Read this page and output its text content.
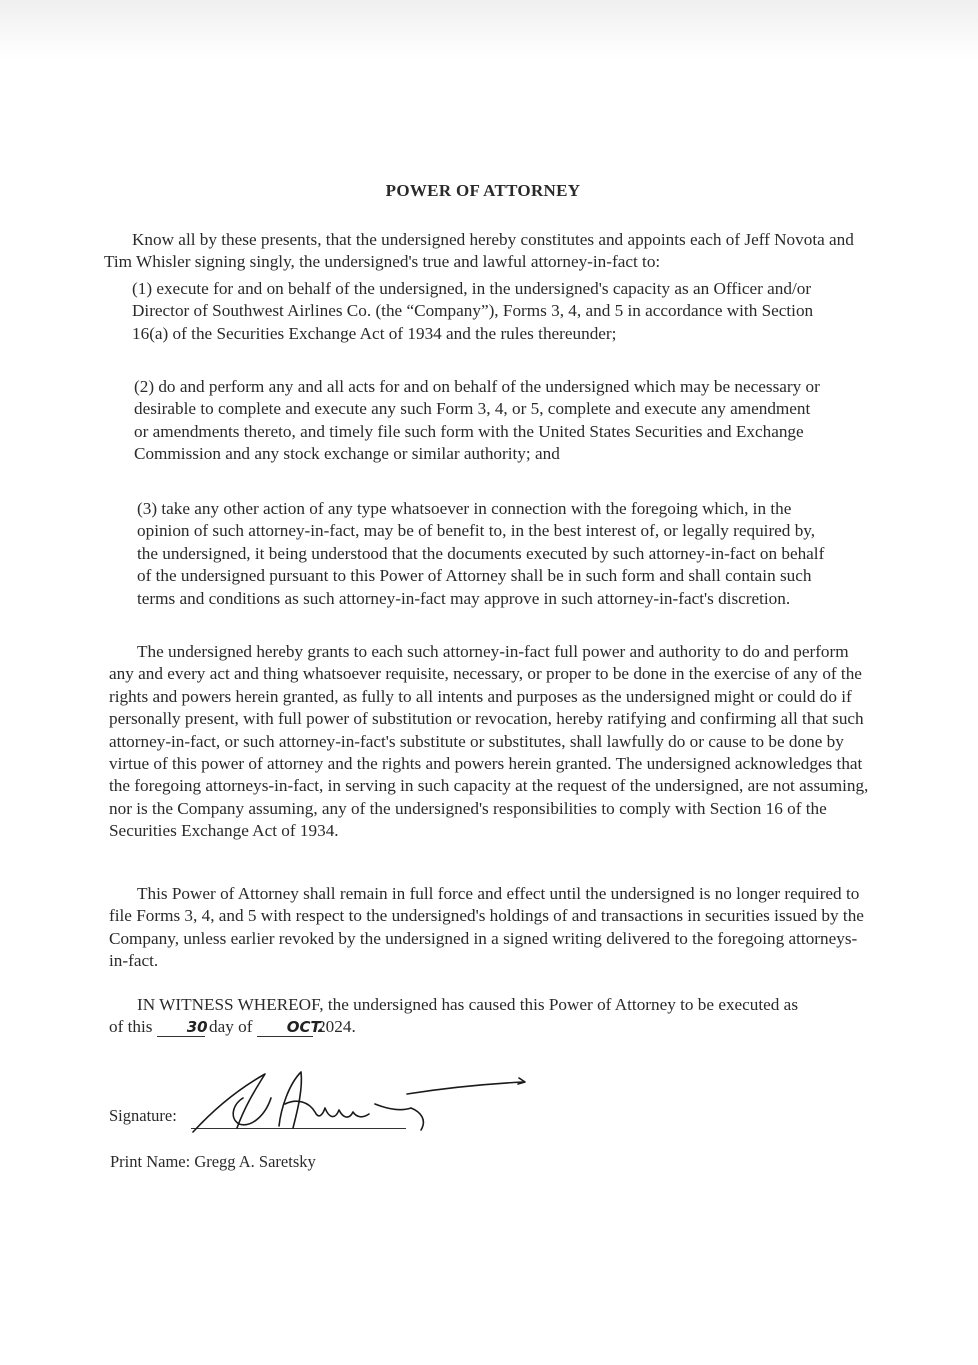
POWER OF ATTORNEY

Know all by these presents, that the undersigned hereby constitutes and appoints each of Jeff Novota and Tim Whisler signing singly, the undersigned's true and lawful attorney-in-fact to:

(1) execute for and on behalf of the undersigned, in the undersigned's capacity as an Officer and/or Director of Southwest Airlines Co. (the “Company”), Forms 3, 4, and 5 in accordance with Section 16(a) of the Securities Exchange Act of 1934 and the rules thereunder;

(2) do and perform any and all acts for and on behalf of the undersigned which may be necessary or desirable to complete and execute any such Form 3, 4, or 5, complete and execute any amendment or amendments thereto, and timely file such form with the United States Securities and Exchange Commission and any stock exchange or similar authority; and

(3) take any other action of any type whatsoever in connection with the foregoing which, in the opinion of such attorney-in-fact, may be of benefit to, in the best interest of, or legally required by, the undersigned, it being understood that the documents executed by such attorney-in-fact on behalf of the undersigned pursuant to this Power of Attorney shall be in such form and shall contain such terms and conditions as such attorney-in-fact may approve in such attorney-in-fact's discretion.

The undersigned hereby grants to each such attorney-in-fact full power and authority to do and perform any and every act and thing whatsoever requisite, necessary, or proper to be done in the exercise of any of the rights and powers herein granted, as fully to all intents and purposes as the undersigned might or could do if personally present, with full power of substitution or revocation, hereby ratifying and confirming all that such attorney-in-fact, or such attorney-in-fact's substitute or substitutes, shall lawfully do or cause to be done by virtue of this power of attorney and the rights and powers herein granted. The undersigned acknowledges that the foregoing attorneys-in-fact, in serving in such capacity at the request of the undersigned, are not assuming, nor is the Company assuming, any of the undersigned's responsibilities to comply with Section 16 of the Securities Exchange Act of 1934.

This Power of Attorney shall remain in full force and effect until the undersigned is no longer required to file Forms 3, 4, and 5 with respect to the undersigned's holdings of and transactions in securities issued by the Company, unless earlier revoked by the undersigned in a signed writing delivered to the foregoing attorneys-in-fact.

IN WITNESS WHEREOF, the undersigned has caused this Power of Attorney to be executed as of this 30 day of OCT. 2024.

Signature:
Print Name: Gregg A. Saretsky
